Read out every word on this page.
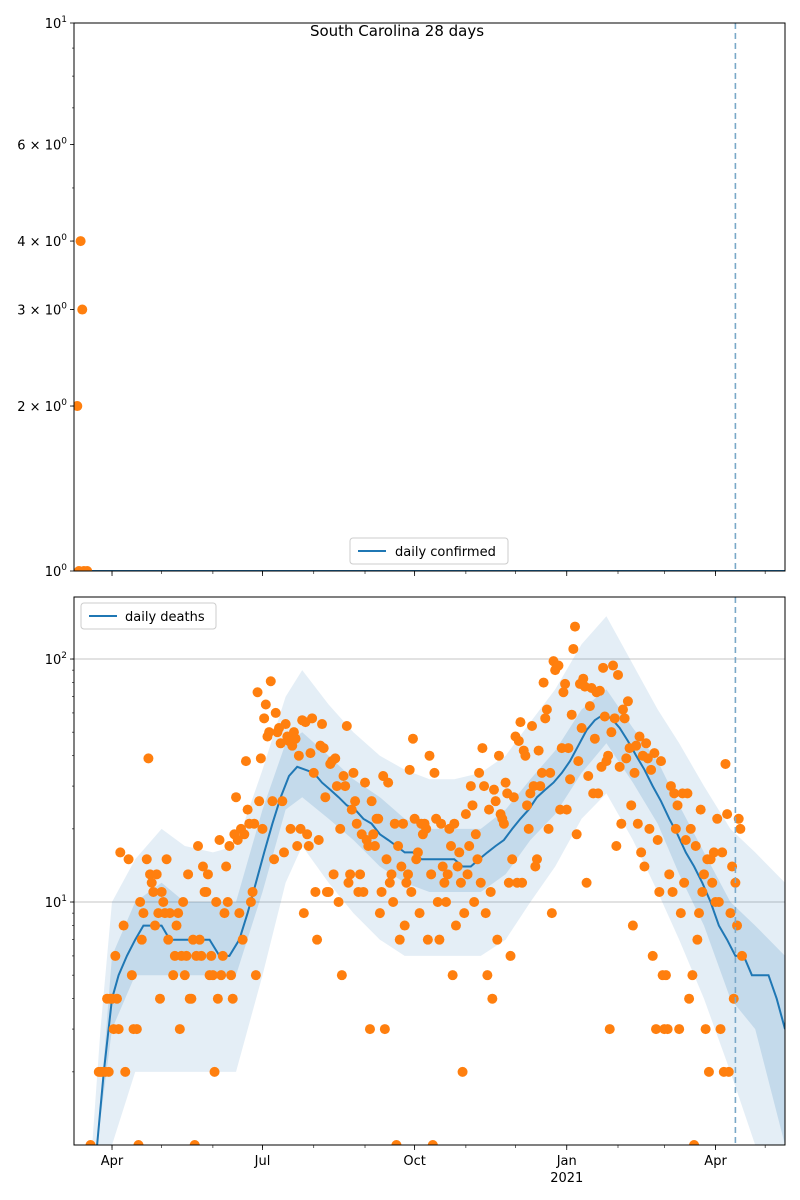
$10^0$
$2 \times 10^0$
$3 \times 10^0$
$4 \times 10^0$
$6 \times 10^0$
$10^1$
South Carolina 28 days
daily confirmed
$10^1$
$10^2$
Apr	Jul	Oct	Jan
2021
Apr
daily deaths
